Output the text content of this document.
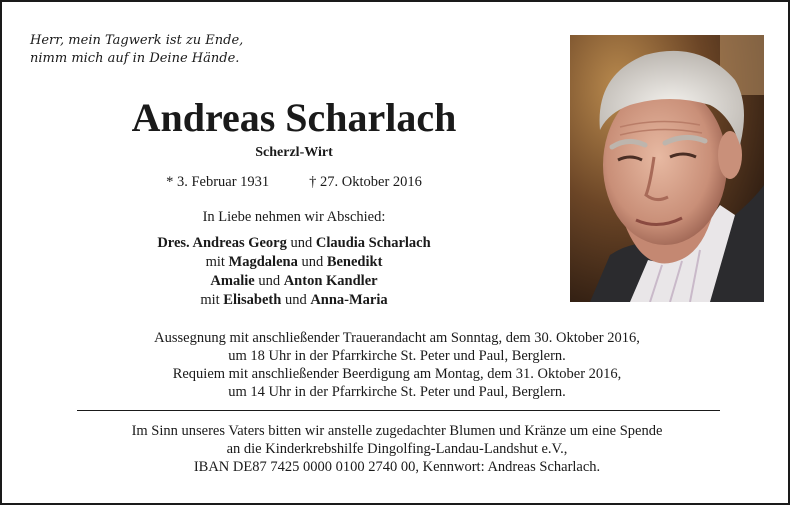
Herr, mein Tagwerk ist zu Ende,
nimm mich auf in Deine Hände.
Andreas Scharlach
Scherzl-Wirt
* 3. Februar 1931	† 27. Oktober 2016
In Liebe nehmen wir Abschied:
Dres. Andreas Georg und Claudia Scharlach
mit Magdalena und Benedikt
Amalie und Anton Kandler
mit Elisabeth und Anna-Maria
Aussegnung mit anschließender Trauerandacht am Sonntag, dem 30. Oktober 2016,
um 18 Uhr in der Pfarrkirche St. Peter und Paul, Berglern.
Requiem mit anschließender Beerdigung am Montag, dem 31. Oktober 2016,
um 14 Uhr in der Pfarrkirche St. Peter und Paul, Berglern.
Im Sinn unseres Vaters bitten wir anstelle zugedachter Blumen und Kränze um eine Spende
an die Kinderkrebshilfe Dingolfing-Landau-Landshut e.V.,
IBAN DE87 7425 0000 0100 2740 00, Kennwort: Andreas Scharlach.
